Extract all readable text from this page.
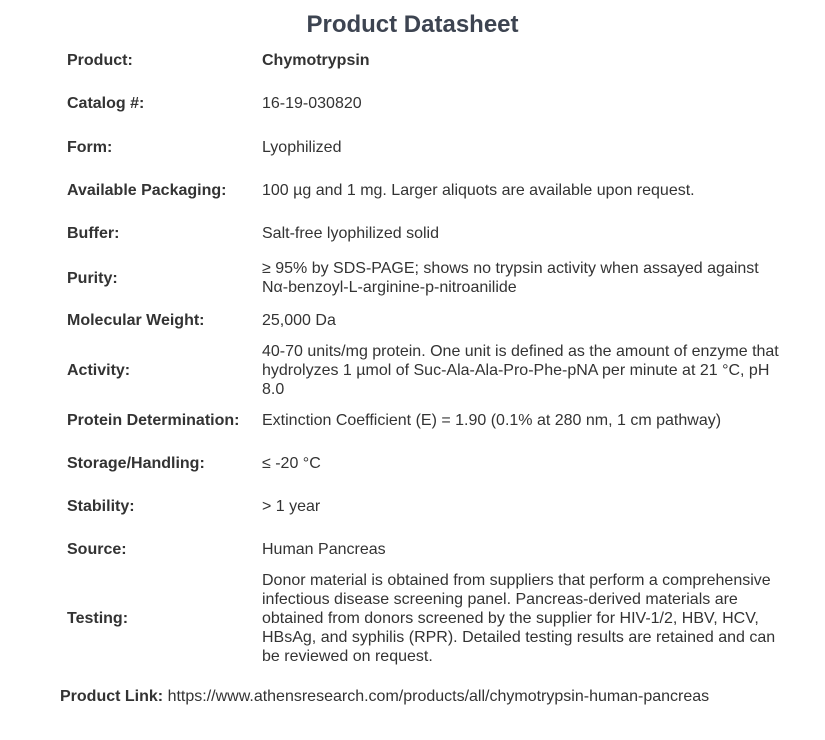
Product Datasheet
Product:	Chymotrypsin
Catalog #:	16-19-030820
Form:	Lyophilized
Available Packaging: 100 µg and 1 mg. Larger aliquots are available upon request.
Buffer:	Salt-free lyophilized solid
Purity:
≥ 95% by SDS-PAGE; shows no trypsin activity when assayed against Nα-benzoyl-L-arginine-p-nitroanilide
Molecular Weight:	25,000 Da
Activity:
40-70 units/mg protein. One unit is defined as the amount of enzyme that hydrolyzes 1 µmol of Suc-Ala-Ala-Pro-Phe-pNA per minute at 21 °C, pH 8.0
Protein Determination: Extinction Coefficient (E) = 1.90 (0.1% at 280 nm, 1 cm pathway)
Storage/Handling:	≤ -20 °C
Stability:	> 1 year
Source:	Human Pancreas
Testing:
Donor material is obtained from suppliers that perform a comprehensive infectious disease screening panel. Pancreas-derived materials are obtained from donors screened by the supplier for HIV-1/2, HBV, HCV, HBsAg, and syphilis (RPR). Detailed testing results are retained and can be reviewed on request.
Product Link: https://www.athensresearch.com/products/all/chymotrypsin-human-pancreas
